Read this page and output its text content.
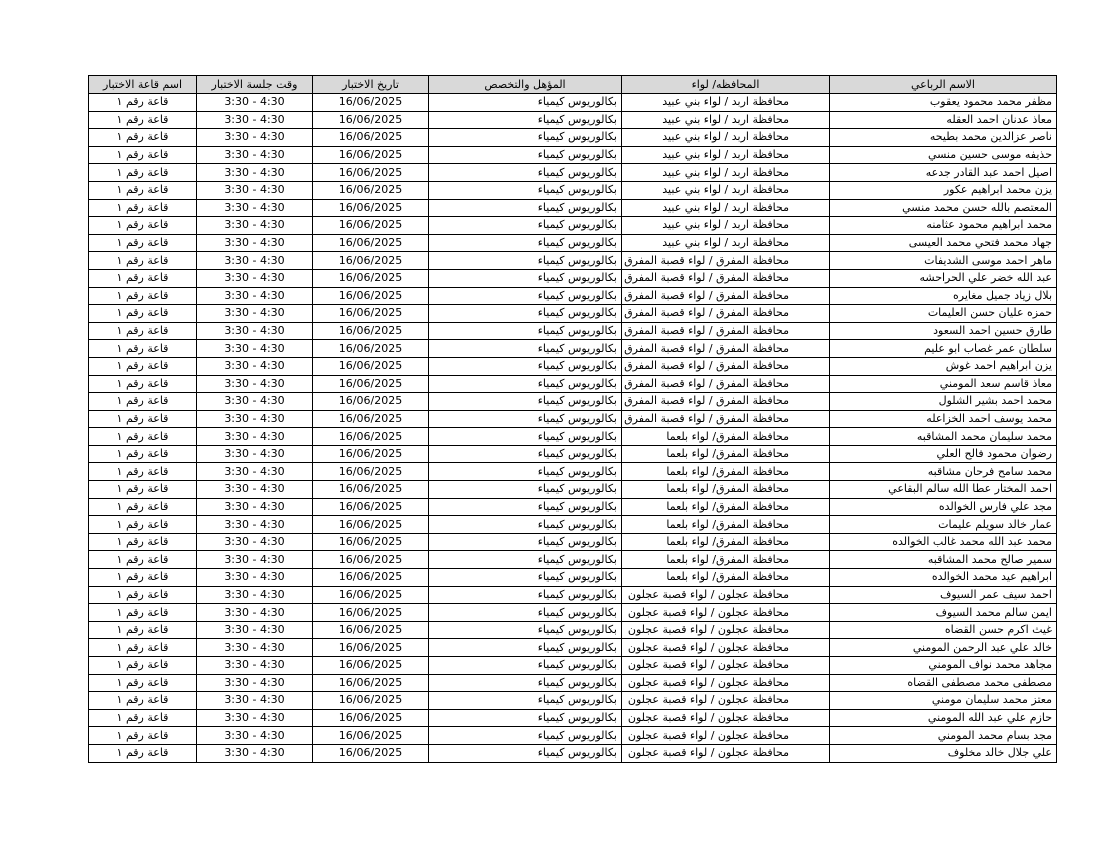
الاسم الرباعي	المحافظه/ لواء	المؤهل والتخصص	تاريخ الاختبار	وقت جلسة الاختبار	اسم قاعة الاختبار
مظفر محمد محمود يعقوب	محافظة اربد / لواء بني عبيد	بكالوريوس كيمياء	16/06/2025	3:30 - 4:30	قاعة رقم ١
معاذ عدنان احمد العقله	محافظة اربد / لواء بني عبيد	بكالوريوس كيمياء	16/06/2025	3:30 - 4:30	قاعة رقم ١
ناصر عزالدين محمد بطيحه	محافظة اربد / لواء بني عبيد	بكالوريوس كيمياء	16/06/2025	3:30 - 4:30	قاعة رقم ١
حذيفه موسى حسين منسي	محافظة اربد / لواء بني عبيد	بكالوريوس كيمياء	16/06/2025	3:30 - 4:30	قاعة رقم ١
اصيل احمد عبد القادر جدعه	محافظة اربد / لواء بني عبيد	بكالوريوس كيمياء	16/06/2025	3:30 - 4:30	قاعة رقم ١
يزن محمد ابراهيم عكور	محافظة اربد / لواء بني عبيد	بكالوريوس كيمياء	16/06/2025	3:30 - 4:30	قاعة رقم ١
المعتصم بالله حسن محمد منسي	محافظة اربد / لواء بني عبيد	بكالوريوس كيمياء	16/06/2025	3:30 - 4:30	قاعة رقم ١
محمد ابراهيم محمود عثامنه	محافظة اربد / لواء بني عبيد	بكالوريوس كيمياء	16/06/2025	3:30 - 4:30	قاعة رقم ١
جهاد محمد فتحي محمد العيسى	محافظة اربد / لواء بني عبيد	بكالوريوس كيمياء	16/06/2025	3:30 - 4:30	قاعة رقم ١
ماهر احمد موسى الشديفات	محافظة المفرق / لواء قصبة المفرق	بكالوريوس كيمياء	16/06/2025	3:30 - 4:30	قاعة رقم ١
عبد الله خضر علي الحراحشه	محافظة المفرق / لواء قصبة المفرق	بكالوريوس كيمياء	16/06/2025	3:30 - 4:30	قاعة رقم ١
بلال زياد جميل مغايره	محافظة المفرق / لواء قصبة المفرق	بكالوريوس كيمياء	16/06/2025	3:30 - 4:30	قاعة رقم ١
حمزه عليان حسن العليمات	محافظة المفرق / لواء قصبة المفرق	بكالوريوس كيمياء	16/06/2025	3:30 - 4:30	قاعة رقم ١
طارق حسين احمد السعود	محافظة المفرق / لواء قصبة المفرق	بكالوريوس كيمياء	16/06/2025	3:30 - 4:30	قاعة رقم ١
سلطان عمر غصاب ابو عليم	محافظة المفرق / لواء قصبة المفرق	بكالوريوس كيمياء	16/06/2025	3:30 - 4:30	قاعة رقم ١
يزن ابراهيم احمد غوش	محافظة المفرق / لواء قصبة المفرق	بكالوريوس كيمياء	16/06/2025	3:30 - 4:30	قاعة رقم ١
معاذ قاسم سعد المومني	محافظة المفرق / لواء قصبة المفرق	بكالوريوس كيمياء	16/06/2025	3:30 - 4:30	قاعة رقم ١
محمد احمد بشير الشلول	محافظة المفرق / لواء قصبة المفرق	بكالوريوس كيمياء	16/06/2025	3:30 - 4:30	قاعة رقم ١
محمد يوسف احمد الخزاعله	محافظة المفرق / لواء قصبة المفرق	بكالوريوس كيمياء	16/06/2025	3:30 - 4:30	قاعة رقم ١
محمد سليمان محمد المشاقبه	محافظة المفرق/ لواء بلعما	بكالوريوس كيمياء	16/06/2025	3:30 - 4:30	قاعة رقم ١
رضوان محمود فالح العلي	محافظة المفرق/ لواء بلعما	بكالوريوس كيمياء	16/06/2025	3:30 - 4:30	قاعة رقم ١
محمد سامح فرحان مشاقبه	محافظة المفرق/ لواء بلعما	بكالوريوس كيمياء	16/06/2025	3:30 - 4:30	قاعة رقم ١
احمد المختار عطا الله سالم البقاعي	محافظة المفرق/ لواء بلعما	بكالوريوس كيمياء	16/06/2025	3:30 - 4:30	قاعة رقم ١
مجد علي فارس الخوالده	محافظة المفرق/ لواء بلعما	بكالوريوس كيمياء	16/06/2025	3:30 - 4:30	قاعة رقم ١
عمار خالد سويلم عليمات	محافظة المفرق/ لواء بلعما	بكالوريوس كيمياء	16/06/2025	3:30 - 4:30	قاعة رقم ١
محمد عبد الله محمد غالب الخوالده	محافظة المفرق/ لواء بلعما	بكالوريوس كيمياء	16/06/2025	3:30 - 4:30	قاعة رقم ١
سمير صالح محمد المشاقبه	محافظة المفرق/ لواء بلعما	بكالوريوس كيمياء	16/06/2025	3:30 - 4:30	قاعة رقم ١
ابراهيم عيد محمد الخوالده	محافظة المفرق/ لواء بلعما	بكالوريوس كيمياء	16/06/2025	3:30 - 4:30	قاعة رقم ١
احمد سيف عمر السيوف	محافظة عجلون / لواء قصبة عجلون	بكالوريوس كيمياء	16/06/2025	3:30 - 4:30	قاعة رقم ١
ايمن سالم محمد السيوف	محافظة عجلون / لواء قصبة عجلون	بكالوريوس كيمياء	16/06/2025	3:30 - 4:30	قاعة رقم ١
غيث اكرم حسن القضاه	محافظة عجلون / لواء قصبة عجلون	بكالوريوس كيمياء	16/06/2025	3:30 - 4:30	قاعة رقم ١
خالد علي عبد الرحمن المومني	محافظة عجلون / لواء قصبة عجلون	بكالوريوس كيمياء	16/06/2025	3:30 - 4:30	قاعة رقم ١
مجاهد محمد نواف المومني	محافظة عجلون / لواء قصبة عجلون	بكالوريوس كيمياء	16/06/2025	3:30 - 4:30	قاعة رقم ١
مصطفى محمد مصطفى القضاه	محافظة عجلون / لواء قصبة عجلون	بكالوريوس كيمياء	16/06/2025	3:30 - 4:30	قاعة رقم ١
معتز محمد سليمان مومني	محافظة عجلون / لواء قصبة عجلون	بكالوريوس كيمياء	16/06/2025	3:30 - 4:30	قاعة رقم ١
حازم علي عبد الله المومني	محافظة عجلون / لواء قصبة عجلون	بكالوريوس كيمياء	16/06/2025	3:30 - 4:30	قاعة رقم ١
مجد بسام محمد المومني	محافظة عجلون / لواء قصبة عجلون	بكالوريوس كيمياء	16/06/2025	3:30 - 4:30	قاعة رقم ١
علي جلال خالد مخلوف	محافظة عجلون / لواء قصبة عجلون	بكالوريوس كيمياء	16/06/2025	3:30 - 4:30	قاعة رقم ١
